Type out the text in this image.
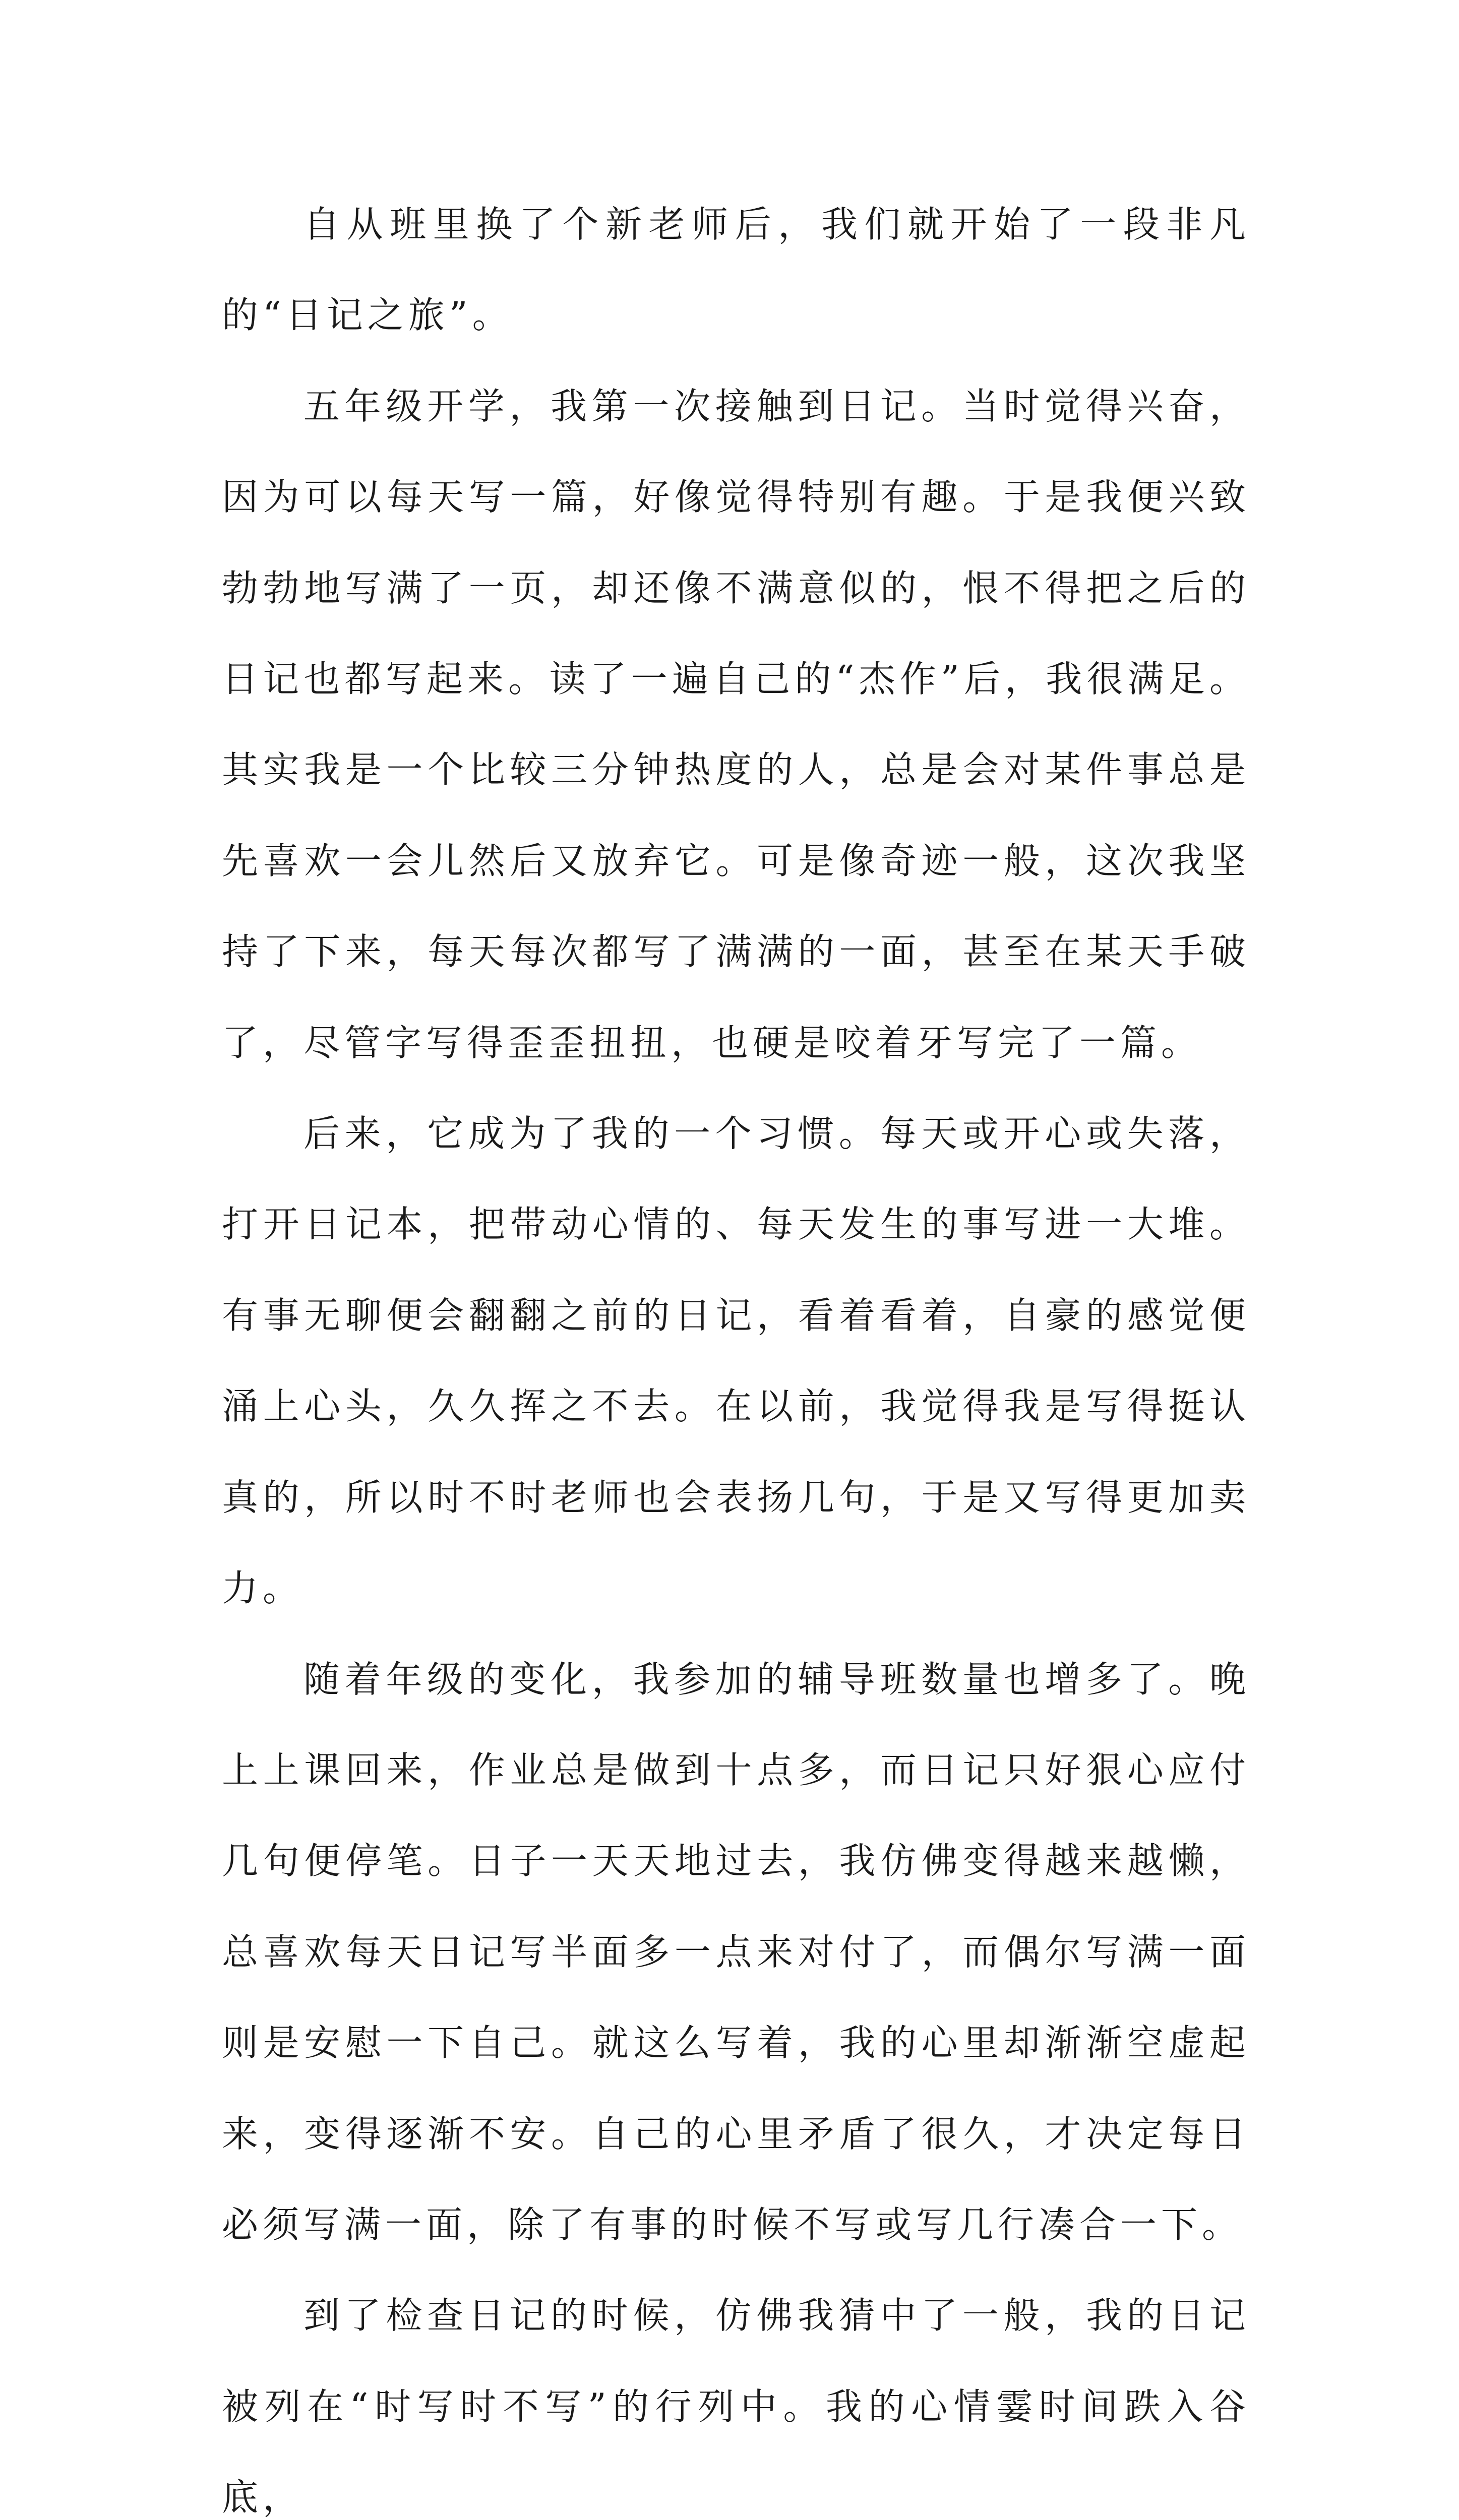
自从班里换了个新老师后，我们就开始了一段非凡的“日记之旅”。

五年级开学，我第一次接触到日记。当时觉得兴奋，因为可以每天写一篇，好像觉得特别有趣。于是我便兴致勃勃地写满了一页，却还像不满意似的，恨不得把之后的日记也都写起来。读了一遍自己的“杰作”后，我很满足。其实我是一个比较三分钟热度的人，总是会对某件事总是先喜欢一会儿然后又放弃它。可是像奇迹一般，这次我坚持了下来，每天每次都写了满满的一面，甚至在某天手破了，尽管字写得歪歪扭扭，也硬是咬着牙写完了一篇。

后来，它成为了我的一个习惯。每天或开心或失落，打开日记本，把带动心情的、每天发生的事写进一大堆。有事无聊便会翻翻之前的日记，看着看着，自豪的感觉便涌上心头，久久挥之不去。在以前，我觉得我是写得挺认真的，所以时不时老师也会表扬几句，于是又写得更加卖力。

随着年级的变化，我参加的辅导班数量也增多了。晚上上课回来，作业总是做到十点多，而日记只好狠心应付几句便停笔。日子一天天地过去，我仿佛变得越来越懒，总喜欢每天日记写半面多一点来对付了，而偶尔写满一面则是安慰一下自己。就这么写着，我的心里却渐渐空虚起来，变得逐渐不安。自己的心里矛盾了很久，才决定每日必须写满一面，除了有事的时候不写或写几行凑合一下。

到了检查日记的时候，仿佛我猜中了一般，我的日记被列在“时写时不写”的行列中。我的心情霎时间跌入谷底，
